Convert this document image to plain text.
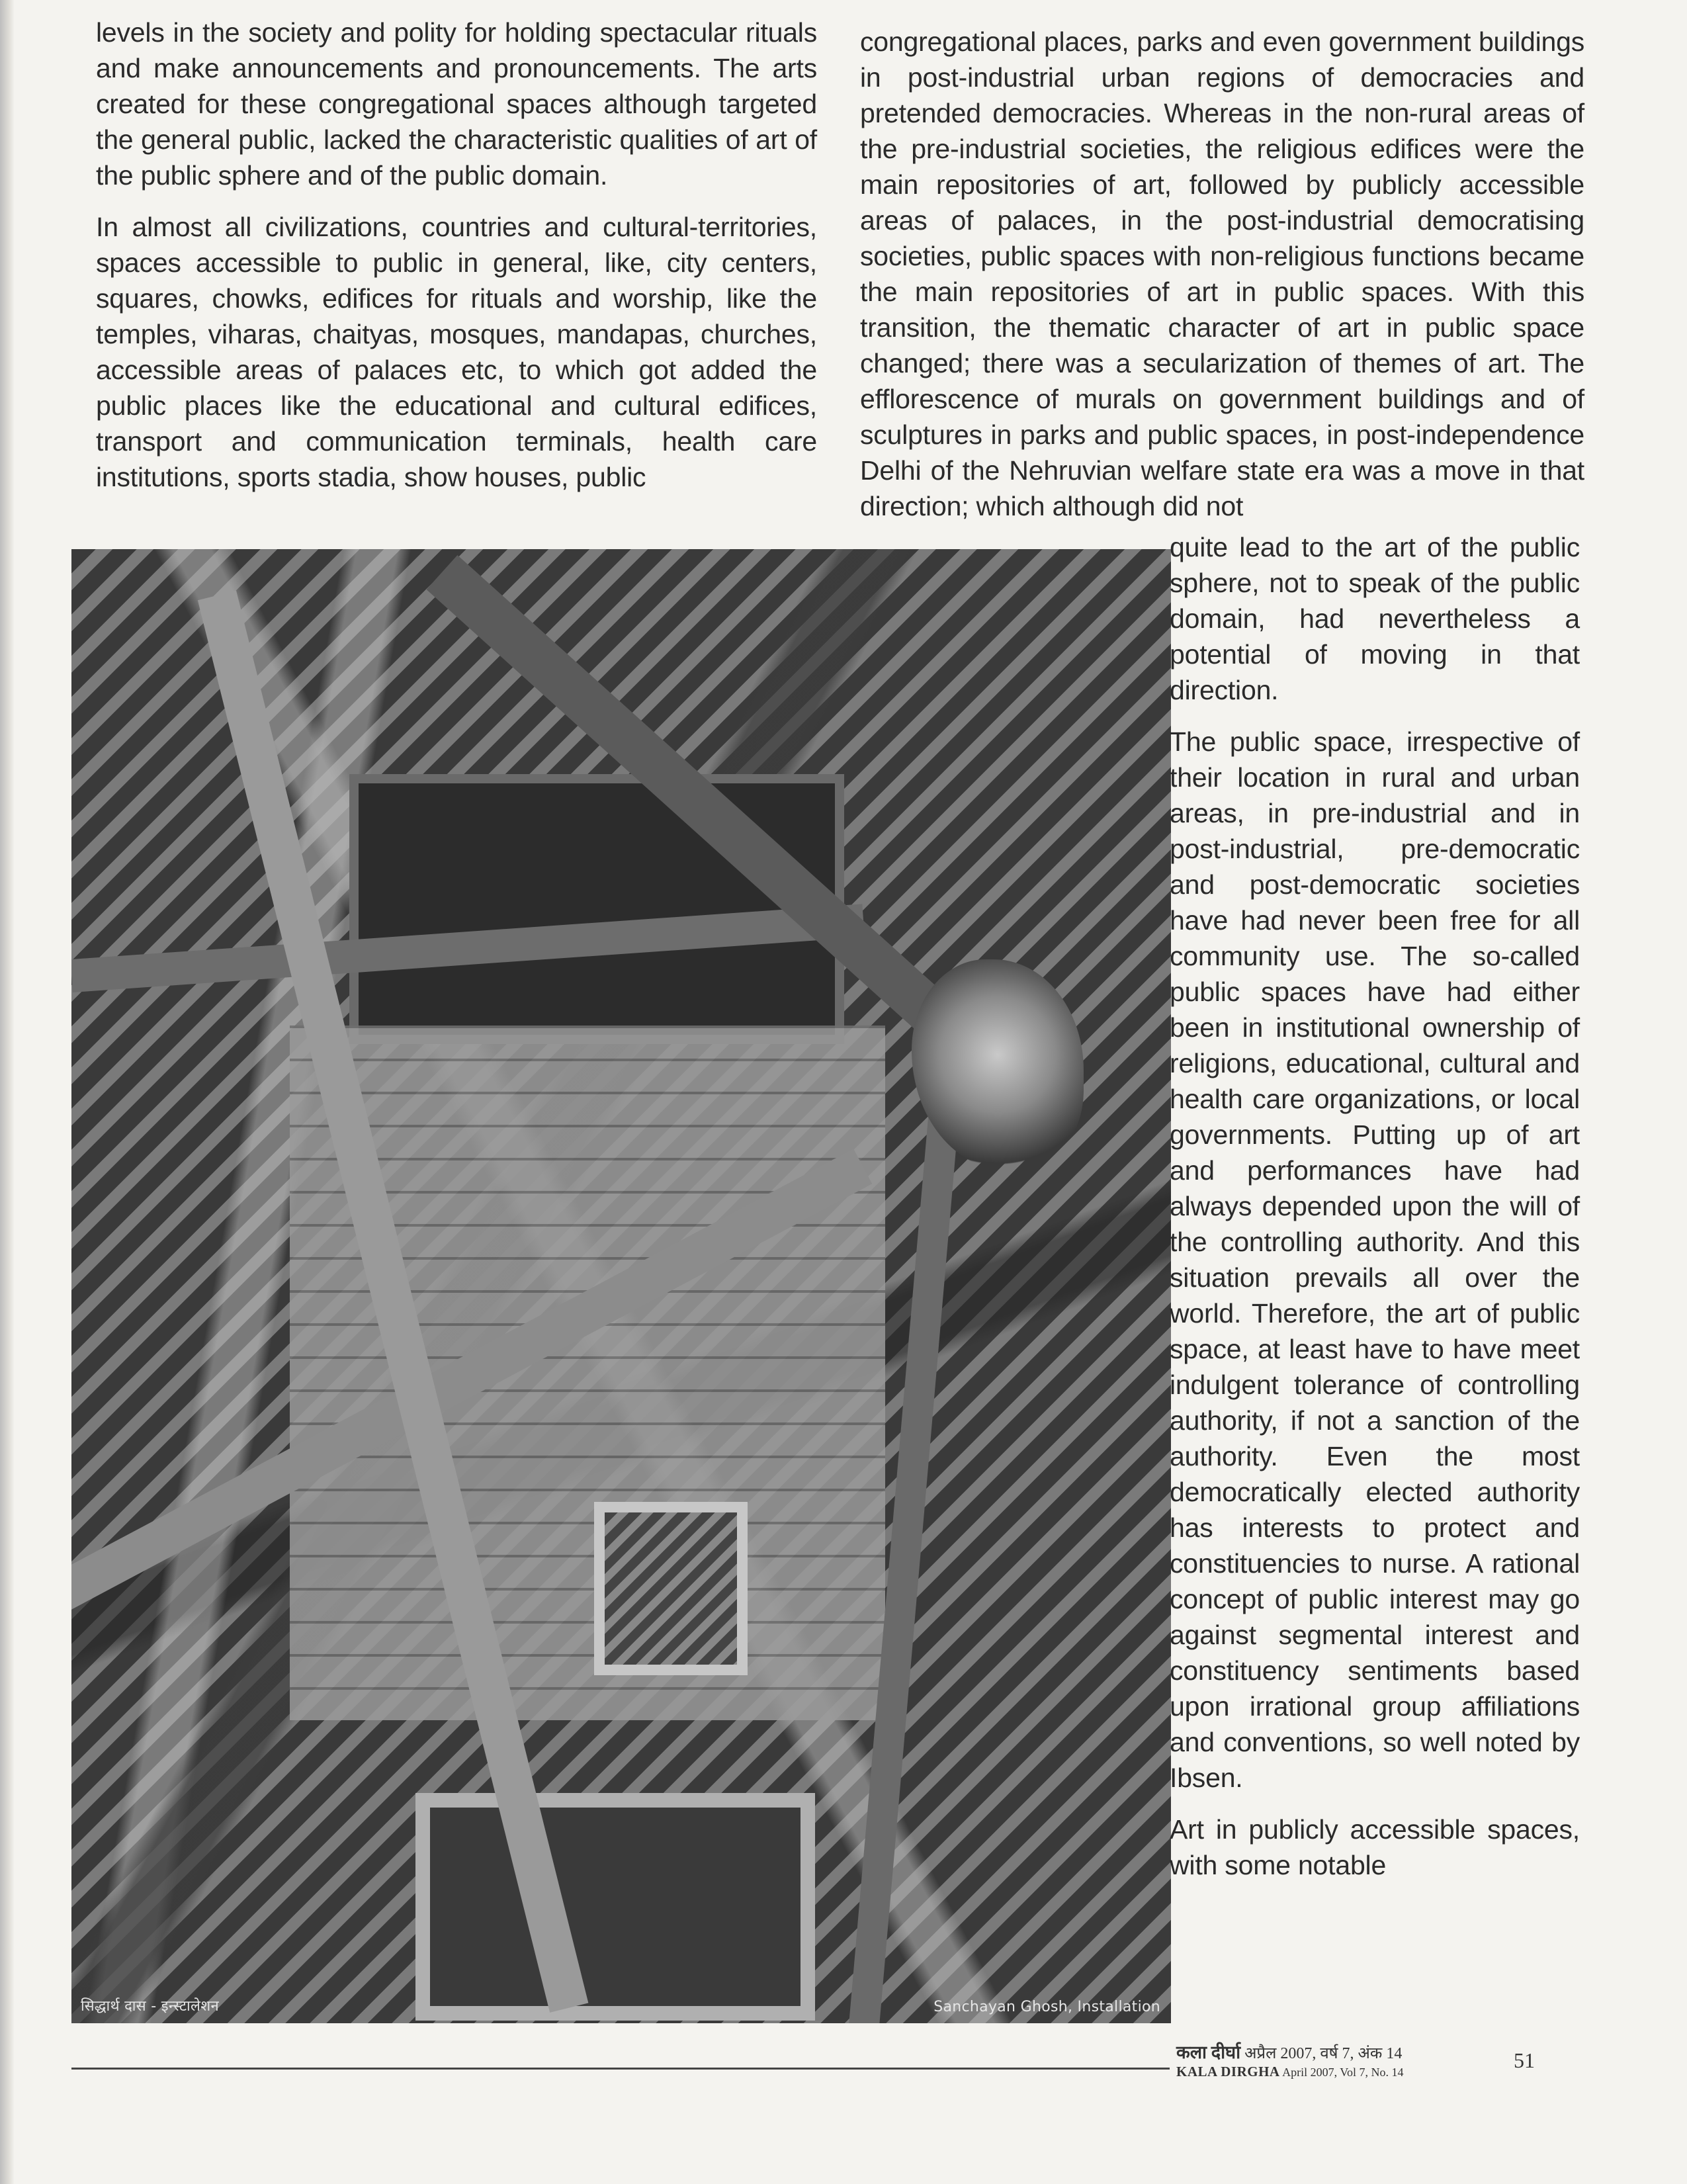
levels in the society and polity for holding spectacular rituals and make announcements and pronouncements. The arts created for these congregational spaces although targeted the general public, lacked the characteristic qualities of art of the public sphere and of the public domain.

In almost all civilizations, countries and cultural-territories, spaces accessible to public in general, like, city centers, squares, chowks, edifices for rituals and worship, like the temples, viharas, chaityas, mosques, mandapas, churches, accessible areas of palaces etc, to which got added the public places like the educational and cultural edifices, transport and communication terminals, health care institutions, sports stadia, show houses, public

congregational places, parks and even government buildings in post-industrial urban regions of democracies and pretended democracies. Whereas in the non-rural areas of the pre-industrial societies, the religious edifices were the main repositories of art, followed by publicly accessible areas of palaces, in the post-industrial democratising societies, public spaces with non-religious functions became the main repositories of art in public spaces. With this transition, the thematic character of art in public space changed; there was a secularization of themes of art. The efflorescence of murals on government buildings and of sculptures in parks and public spaces, in post-independence Delhi of the Nehruvian welfare state era was a move in that direction; which although did not

सिद्धार्थ दास - इन्स्टालेशन	Sanchayan Ghosh, Installation

quite lead to the art of the public sphere, not to speak of the public domain, had nevertheless a potential of moving in that direction.

The public space, irrespective of their location in rural and urban areas, in pre-industrial and in post-industrial, pre-democratic and post-democratic societies have had never been free for all community use. The so-called public spaces have had either been in institutional ownership of religions, educational, cultural and health care organizations, or local governments. Putting up of art and performances have had always depended upon the will of the controlling authority. And this situation prevails all over the world. Therefore, the art of public space, at least have to have meet indulgent tolerance of controlling authority, if not a sanction of the authority. Even the most democratically elected authority has interests to protect and constituencies to nurse. A rational concept of public interest may go against segmental interest and constituency sentiments based upon irrational group affiliations and conventions, so well noted by Ibsen.

Art in publicly accessible spaces, with some notable

कला दीर्घा अप्रैल 2007, वर्ष 7, अंक 14
KALA DIRGHA April 2007, Vol 7, No. 14	51
